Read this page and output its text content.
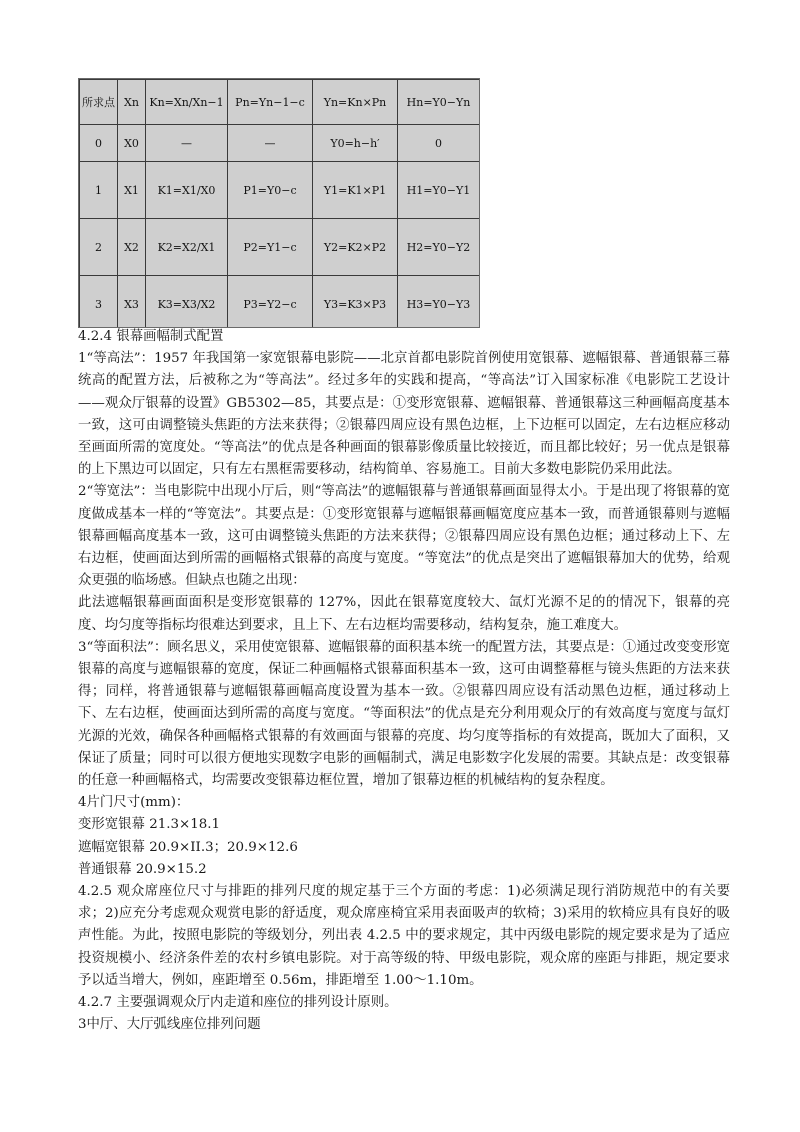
所求点	Xn	Kn=Xn/Xn−1	Pn=Yn−1−c	Yn=Kn×Pn	Hn=Y0−Yn
0	X0	—	—	Y0=h−h′	0
1	X1	K1=X1/X0	P1=Y0−c	Y1=K1×P1	H1=Y0−Y1
2	X2	K2=X2/X1	P2=Y1−c	Y2=K2×P2	H2=Y0−Y2
3	X3	K3=X3/X2	P3=Y2−c	Y3=K3×P3	H3=Y0−Y3

4.2.4 银幕画幅制式配置

1“等高法”：1957 年我国第一家宽银幕电影院——北京首都电影院首例使用宽银幕、遮幅银幕、普通银幕三幕统高的配置方法，后被称之为“等高法”。经过多年的实践和提高，“等高法”订入国家标准《电影院工艺设计——观众厅银幕的设置》GB5302—85，其要点是：①变形宽银幕、遮幅银幕、普通银幕这三种画幅高度基本一致，这可由调整镜头焦距的方法来获得；②银幕四周应设有黑色边框，上下边框可以固定，左右边框应移动至画面所需的宽度处。“等高法”的优点是各种画面的银幕影像质量比较接近，而且都比较好；另一优点是银幕的上下黑边可以固定，只有左右黑框需要移动，结构简单、容易施工。目前大多数电影院仍采用此法。

2“等宽法”：当电影院中出现小厅后，则“等高法”的遮幅银幕与普通银幕画面显得太小。于是出现了将银幕的宽度做成基本一样的“等宽法”。其要点是：①变形宽银幕与遮幅银幕画幅宽度应基本一致，而普通银幕则与遮幅银幕画幅高度基本一致，这可由调整镜头焦距的方法来获得；②银幕四周应设有黑色边框；通过移动上下、左右边框，使画面达到所需的画幅格式银幕的高度与宽度。“等宽法”的优点是突出了遮幅银幕加大的优势，给观众更强的临场感。但缺点也随之出现：

此法遮幅银幕画面面积是变形宽银幕的 127%，因此在银幕宽度较大、氙灯光源不足的的情况下，银幕的亮度、均匀度等指标均很难达到要求，且上下、左右边框均需要移动，结构复杂，施工难度大。

3“等面积法”：顾名思义，采用使宽银幕、遮幅银幕的面积基本统一的配置方法，其要点是：①通过改变变形宽银幕的高度与遮幅银幕的宽度，保证二种画幅格式银幕面积基本一致，这可由调整幕框与镜头焦距的方法来获得；同样，将普通银幕与遮幅银幕画幅高度设置为基本一致。②银幕四周应设有活动黑色边框，通过移动上下、左右边框，使画面达到所需的高度与宽度。“等面积法”的优点是充分利用观众厅的有效高度与宽度与氙灯光源的光效，确保各种画幅格式银幕的有效画面与银幕的亮度、均匀度等指标的有效提高，既加大了面积，又保证了质量；同时可以很方便地实现数字电影的画幅制式，满足电影数字化发展的需要。其缺点是：改变银幕的任意一种画幅格式，均需要改变银幕边框位置，增加了银幕边框的机械结构的复杂程度。

4片门尺寸(mm)：

变形宽银幕 21.3×18.1

遮幅宽银幕 20.9×II.3；20.9×12.6

普通银幕 20.9×15.2

4.2.5 观众席座位尺寸与排距的排列尺度的规定基于三个方面的考虑：1)必须满足现行消防规范中的有关要求；2)应充分考虑观众观赏电影的舒适度，观众席座椅宜采用表面吸声的软椅；3)采用的软椅应具有良好的吸声性能。为此，按照电影院的等级划分，列出表 4.2.5 中的要求规定，其中丙级电影院的规定要求是为了适应投资规模小、经济条件差的农村乡镇电影院。对于高等级的特、甲级电影院，观众席的座距与排距，规定要求予以适当增大，例如，座距增至 0.56m，排距增至 1.00～1.10m。

4.2.7 主要强调观众厅内走道和座位的排列设计原则。

3中厅、大厅弧线座位排列问题
